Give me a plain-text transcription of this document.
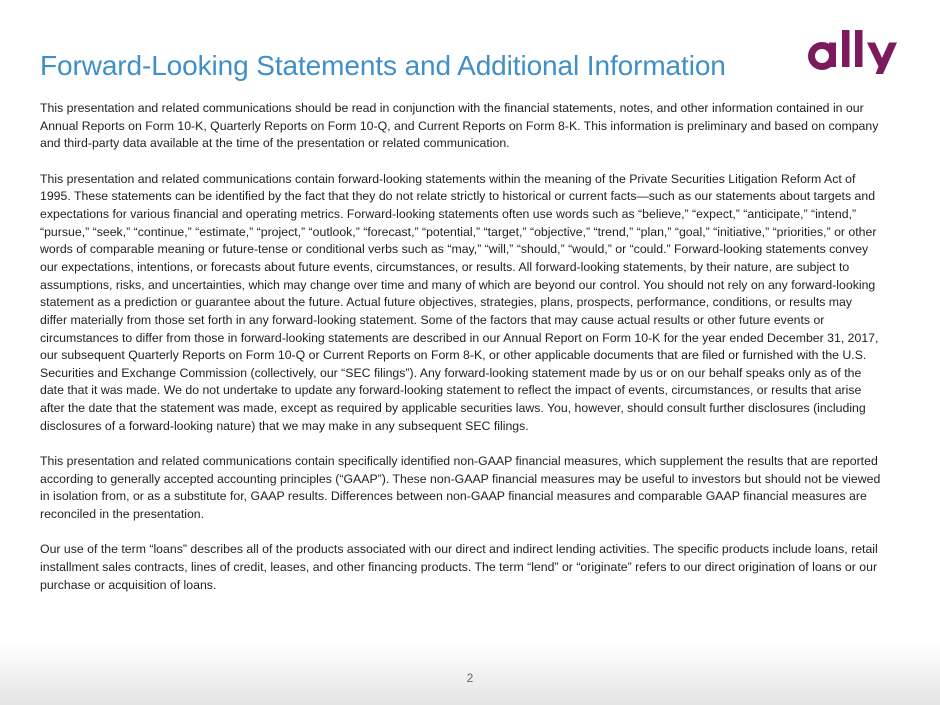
Forward-Looking Statements and Additional Information

This presentation and related communications should be read in conjunction with the financial statements, notes, and other information contained in our Annual Reports on Form 10-K, Quarterly Reports on Form 10-Q, and Current Reports on Form 8-K. This information is preliminary and based on company and third-party data available at the time of the presentation or related communication.

This presentation and related communications contain forward-looking statements within the meaning of the Private Securities Litigation Reform Act of 1995. These statements can be identified by the fact that they do not relate strictly to historical or current facts—such as our statements about targets and expectations for various financial and operating metrics. Forward-looking statements often use words such as “believe,” “expect,” “anticipate,” “intend,” “pursue,” “seek,” “continue,” “estimate,” “project,” “outlook,” “forecast,” “potential,” “target,” “objective,” “trend,” “plan,” “goal,” “initiative,” “priorities,” or other words of comparable meaning or future-tense or conditional verbs such as “may,” “will,” “should,” “would,” or “could.” Forward-looking statements convey our expectations, intentions, or forecasts about future events, circumstances, or results. All forward-looking statements, by their nature, are subject to assumptions, risks, and uncertainties, which may change over time and many of which are beyond our control. You should not rely on any forward-looking statement as a prediction or guarantee about the future. Actual future objectives, strategies, plans, prospects, performance, conditions, or results may differ materially from those set forth in any forward-looking statement. Some of the factors that may cause actual results or other future events or circumstances to differ from those in forward-looking statements are described in our Annual Report on Form 10-K for the year ended December 31, 2017, our subsequent Quarterly Reports on Form 10-Q or Current Reports on Form 8-K, or other applicable documents that are filed or furnished with the U.S. Securities and Exchange Commission (collectively, our “SEC filings”). Any forward-looking statement made by us or on our behalf speaks only as of the date that it was made. We do not undertake to update any forward-looking statement to reflect the impact of events, circumstances, or results that arise after the date that the statement was made, except as required by applicable securities laws. You, however, should consult further disclosures (including disclosures of a forward-looking nature) that we may make in any subsequent SEC filings.

This presentation and related communications contain specifically identified non-GAAP financial measures, which supplement the results that are reported according to generally accepted accounting principles (“GAAP”). These non-GAAP financial measures may be useful to investors but should not be viewed in isolation from, or as a substitute for, GAAP results. Differences between non-GAAP financial measures and comparable GAAP financial measures are reconciled in the presentation.

Our use of the term “loans” describes all of the products associated with our direct and indirect lending activities. The specific products include loans, retail installment sales contracts, lines of credit, leases, and other financing products. The term “lend” or “originate” refers to our direct origination of loans or our purchase or acquisition of loans.

2
